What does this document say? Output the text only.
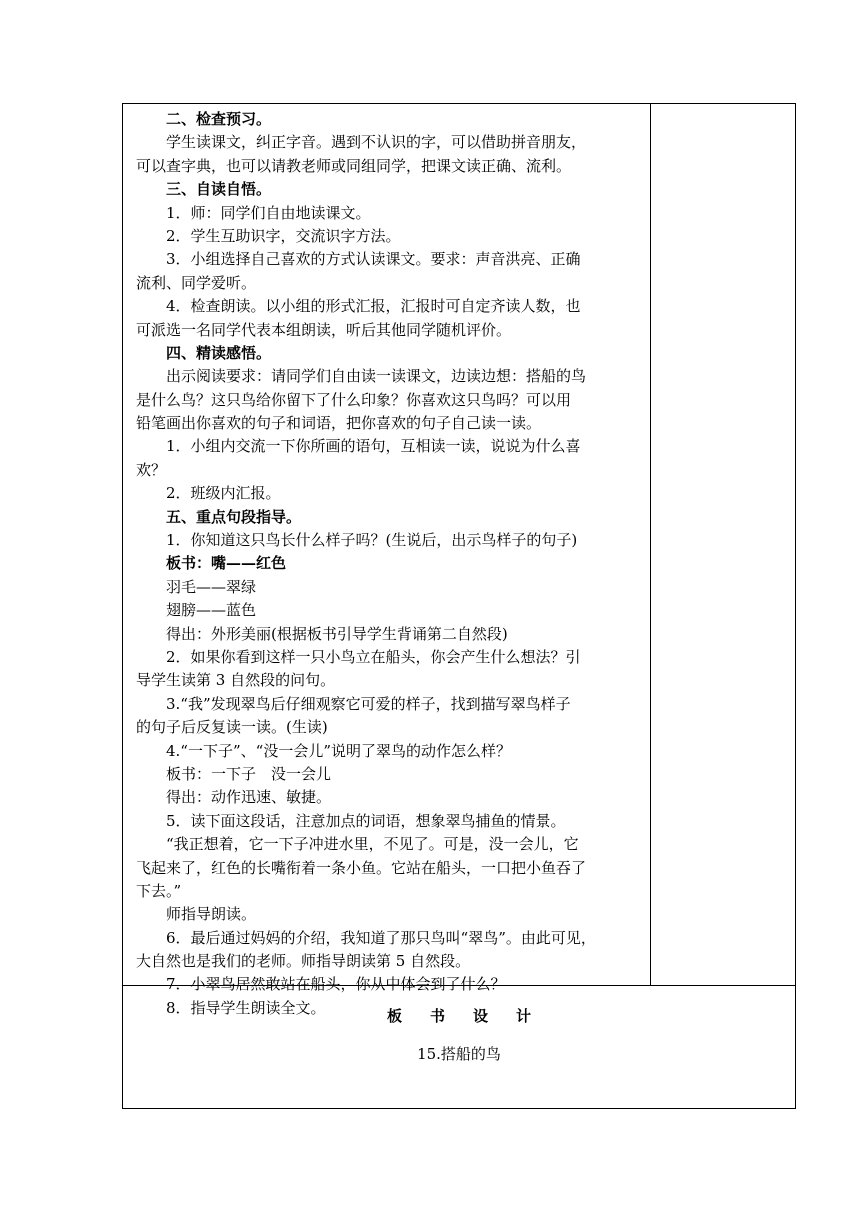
二、检查预习。
学生读课文，纠正字音。遇到不认识的字，可以借助拼音朋友，
可以查字典，也可以请教老师或同组同学，把课文读正确、流利。
三、自读自悟。
1．师：同学们自由地读课文。
2．学生互助识字，交流识字方法。
3．小组选择自己喜欢的方式认读课文。要求：声音洪亮、正确
流利、同学爱听。
4．检查朗读。以小组的形式汇报，汇报时可自定齐读人数，也
可派选一名同学代表本组朗读，听后其他同学随机评价。
四、精读感悟。
出示阅读要求：请同学们自由读一读课文，边读边想：搭船的鸟
是什么鸟？这只鸟给你留下了什么印象？你喜欢这只鸟吗？可以用
铅笔画出你喜欢的句子和词语，把你喜欢的句子自己读一读。
1．小组内交流一下你所画的语句，互相读一读，说说为什么喜
欢？
2．班级内汇报。
五、重点句段指导。
1．你知道这只鸟长什么样子吗？(生说后，出示鸟样子的句子)
板书：嘴——红色
羽毛——翠绿
翅膀——蓝色
得出：外形美丽(根据板书引导学生背诵第二自然段)
2．如果你看到这样一只小鸟立在船头，你会产生什么想法？引
导学生读第 3 自然段的问句。
3.“我”发现翠鸟后仔细观察它可爱的样子，找到描写翠鸟样子
的句子后反复读一读。(生读)
4.“一下子”、“没一会儿”说明了翠鸟的动作怎么样？
板书：一下子　没一会儿
得出：动作迅速、敏捷。
5．读下面这段话，注意加点的词语，想象翠鸟捕鱼的情景。
“我正想着，它一下子冲进水里，不见了。可是，没一会儿，它
飞起来了，红色的长嘴衔着一条小鱼。它站在船头，一口把小鱼吞了
下去。”
师指导朗读。
6．最后通过妈妈的介绍，我知道了那只鸟叫“翠鸟”。由此可见，
大自然也是我们的老师。师指导朗读第 5 自然段。
7．小翠鸟居然敢站在船头，你从中体会到了什么？
8．指导学生朗读全文。	板书设计
15.搭船的鸟
